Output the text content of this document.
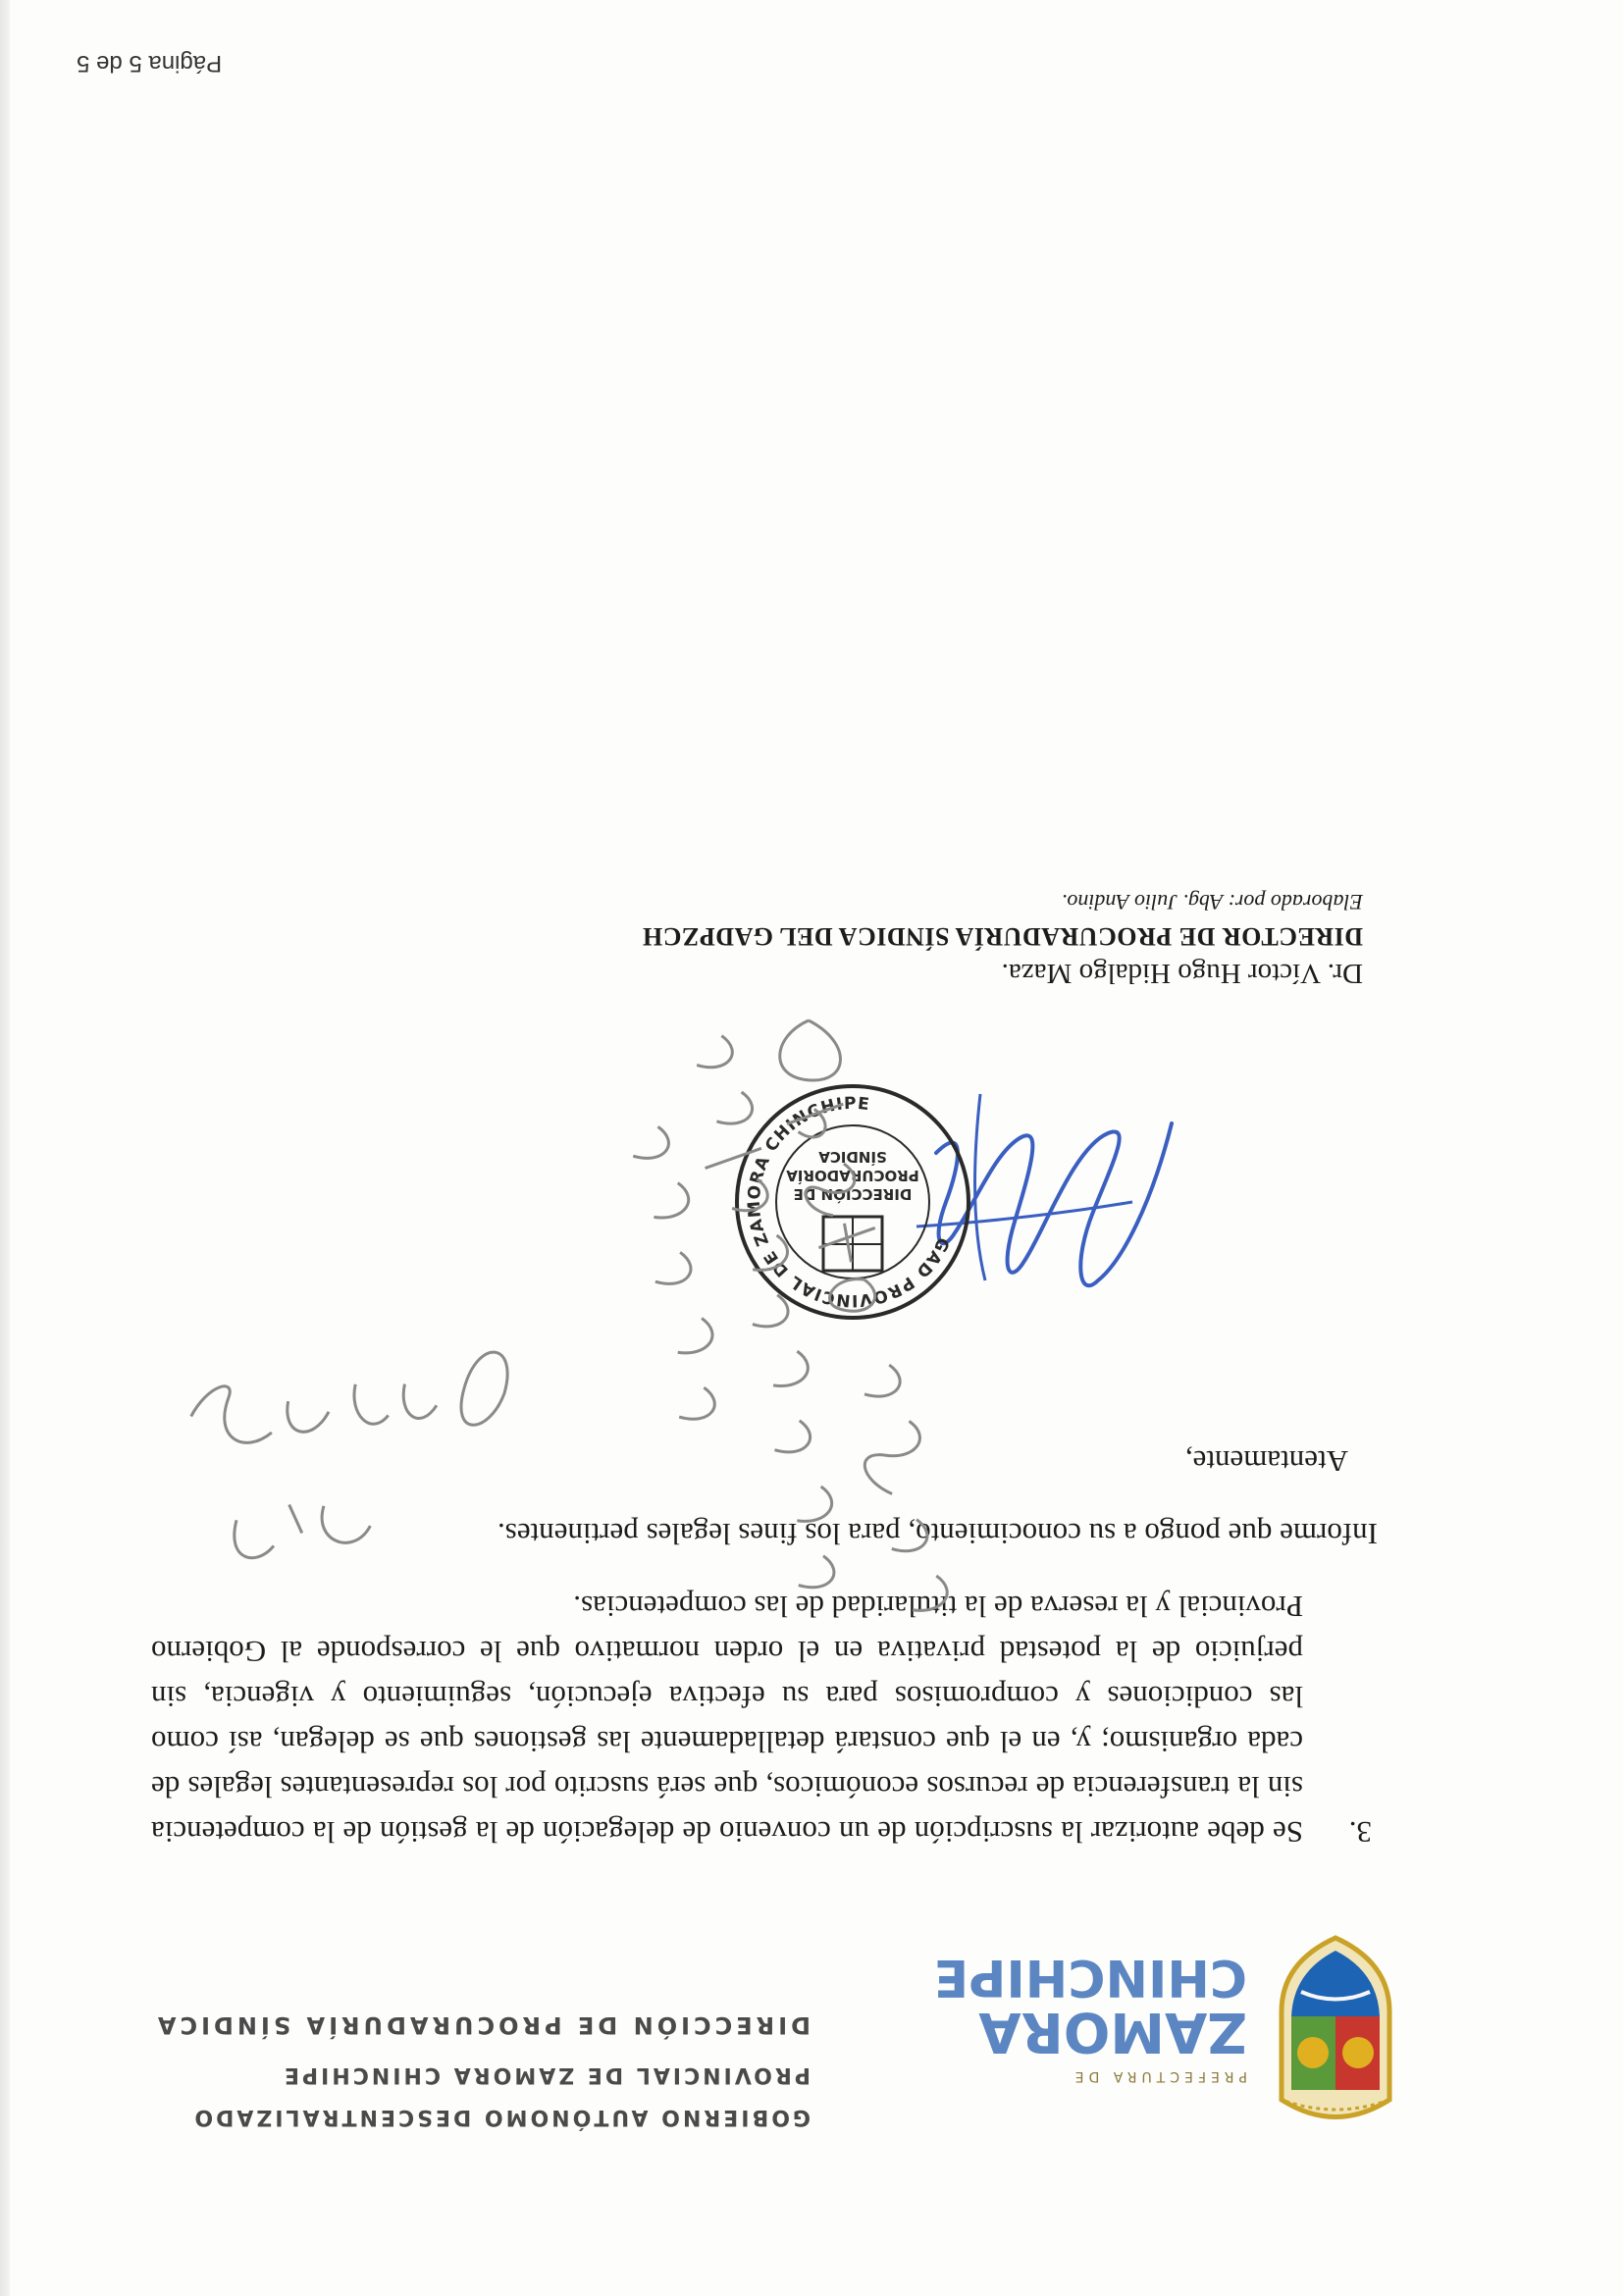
PREFECTURA DE
ZAMORA
CHINCHIPE
GOBIERNO AUTÓNOMO DESCENTRALIZADO
PROVINCIAL DE ZAMORA CHINCHIPE
DIRECCIÓN DE PROCURADURÍA SÍNDICA
3.
Se debe autorizar la suscripción de un convenio de delegación de la gestión de la competencia sin la transferencia de recursos económicos, que será suscrito por los representantes legales de cada organismo; y, en el que constará detalladamente las gestiones que se delegan, así como las condiciones y compromisos para su efectiva ejecución, seguimiento y vigencia, sin perjuicio de la potestad privativa en el orden normativo que le corresponde al Gobierno Provincial y la reserva de la titularidad de las competencias.
Informe que pongo a su conocimiento, para los fines legales pertinentes.
Atentamente,
GAD PROVINCIAL DE ZAMORA CHINCHIPE
DIRECCIÓN DE
PROCURADORÍA
SÍNDICA
Dr. Víctor Hugo Hidalgo Maza.
DIRECTOR DE PROCURADURÍA SÍNDICA DEL GADPZCH
Elaborado por: Abg. Julio Andino.
Página 5 de 5
